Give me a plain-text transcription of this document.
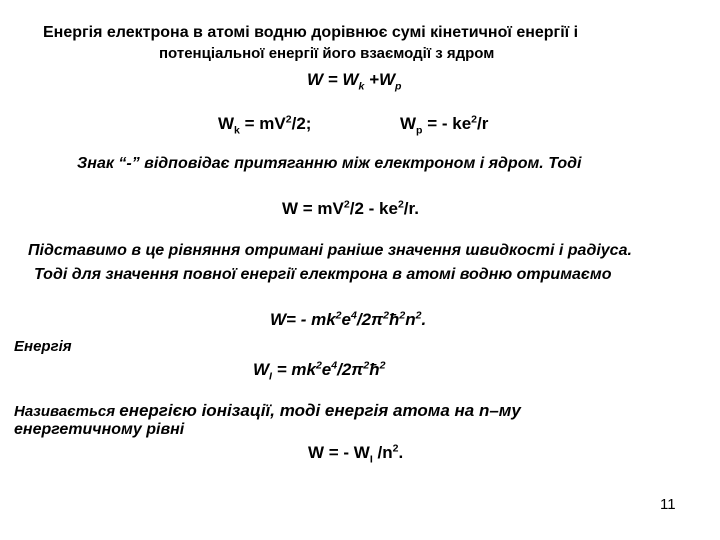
Енергія електрона в атомі водню дорівнює сумі кінетичної енергії і
потенціальної енергії його взаємодії з ядром
$W = W_k +W_p$
$W_k = mV^2/2$;	$W_p$ = - $ke^2/r$
Знак “-” відповідає притяганню між електроном і ядром. Тоді
$W = mV^2/2 - ke^2/r$.
Підставимо в це рівняння отримані раніше значення швидкості і радіуса.
Тоді для значення повної енергії електрона в атомі водню отримаємо
$W= - mk^2e^4/2\pi^2ħ^2n^2$.
Енергія
$W_I$ = $mk^2e^4/2\pi^2ħ^2$
Називається енергією іонізації, тоді енергія атома на n–му
енергетичному рівні
W = - $W_I$ $/n^2$.
11
